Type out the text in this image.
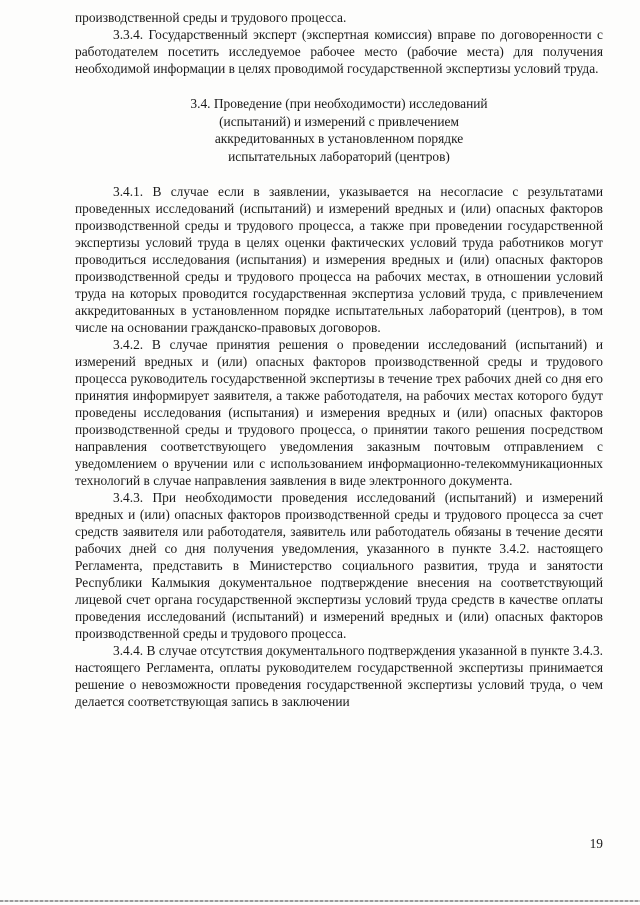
производственной среды и трудового процесса.

3.3.4. Государственный эксперт (экспертная комиссия) вправе по договоренности с работодателем посетить исследуемое рабочее место (рабочие места) для получения необходимой информации в целях проводимой государственной экспертизы условий труда.

3.4. Проведение (при необходимости) исследований
(испытаний) и измерений с привлечением
аккредитованных в установленном порядке
испытательных лабораторий (центров)

3.4.1. В случае если в заявлении, указывается на несогласие с результатами проведенных исследований (испытаний) и измерений вредных и (или) опасных факторов производственной среды и трудового процесса, а также при проведении государственной экспертизы условий труда в целях оценки фактических условий труда работников могут проводиться исследования (испытания) и измерения вредных и (или) опасных факторов производственной среды и трудового процесса на рабочих местах, в отношении условий труда на которых проводится государственная экспертиза условий труда, с привлечением аккредитованных в установленном порядке испытательных лабораторий (центров), в том числе на основании гражданско-правовых договоров.

3.4.2. В случае принятия решения о проведении исследований (испытаний) и измерений вредных и (или) опасных факторов производственной среды и трудового процесса руководитель государственной экспертизы в течение трех рабочих дней со дня его принятия информирует заявителя, а также работодателя, на рабочих местах которого будут проведены исследования (испытания) и измерения вредных и (или) опасных факторов производственной среды и трудового процесса, о принятии такого решения посредством направления соответствующего уведомления заказным почтовым отправлением с уведомлением о вручении или с использованием информационно-телекоммуникационных технологий в случае направления заявления в виде электронного документа.

3.4.3. При необходимости проведения исследований (испытаний) и измерений вредных и (или) опасных факторов производственной среды и трудового процесса за счет средств заявителя или работодателя, заявитель или работодатель обязаны в течение десяти рабочих дней со дня получения уведомления, указанного в пункте 3.4.2. настоящего Регламента, представить в Министерство социального развития, труда и занятости Республики Калмыкия документальное подтверждение внесения на соответствующий лицевой счет органа государственной экспертизы условий труда средств в качестве оплаты проведения исследований (испытаний) и измерений вредных и (или) опасных факторов производственной среды и трудового процесса.

3.4.4. В случае отсутствия документального подтверждения указанной в пункте 3.4.3. настоящего Регламента, оплаты руководителем государственной экспертизы принимается решение о невозможности проведения государственной экспертизы условий труда, о чем делается соответствующая запись в заключении

19
